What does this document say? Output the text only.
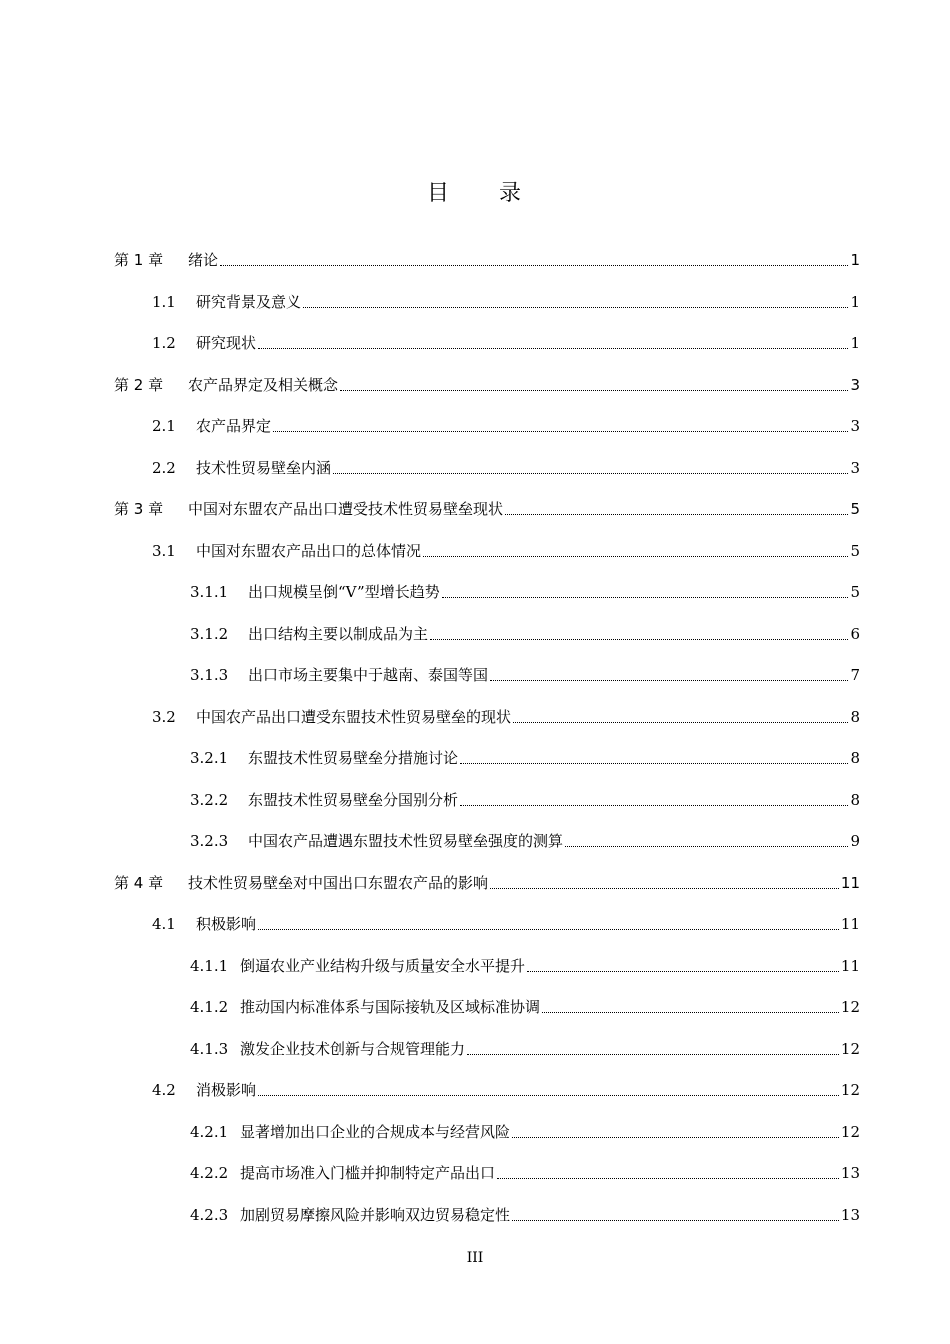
目　　录
第 1 章	绪论	1
1.1	研究背景及意义	1
1.2	研究现状	1
第 2 章	农产品界定及相关概念	3
2.1	农产品界定	3
2.2	技术性贸易壁垒内涵	3
第 3 章	中国对东盟农产品出口遭受技术性贸易壁垒现状	5
3.1	中国对东盟农产品出口的总体情况	5
3.1.1	出口规模呈倒“V”型增长趋势	5
3.1.2	出口结构主要以制成品为主	6
3.1.3	出口市场主要集中于越南、泰国等国	7
3.2	中国农产品出口遭受东盟技术性贸易壁垒的现状	8
3.2.1	东盟技术性贸易壁垒分措施讨论	8
3.2.2	东盟技术性贸易壁垒分国别分析	8
3.2.3	中国农产品遭遇东盟技术性贸易壁垒强度的测算	9
第 4 章	技术性贸易壁垒对中国出口东盟农产品的影响	11
4.1	积极影响	11
4.1.1 倒逼农业产业结构升级与质量安全水平提升	11
4.1.2 推动国内标准体系与国际接轨及区域标准协调	12
4.1.3 激发企业技术创新与合规管理能力	12
4.2	消极影响	12
4.2.1 显著增加出口企业的合规成本与经营风险	12
4.2.2 提高市场准入门槛并抑制特定产品出口	13
4.2.3 加剧贸易摩擦风险并影响双边贸易稳定性	13
III
